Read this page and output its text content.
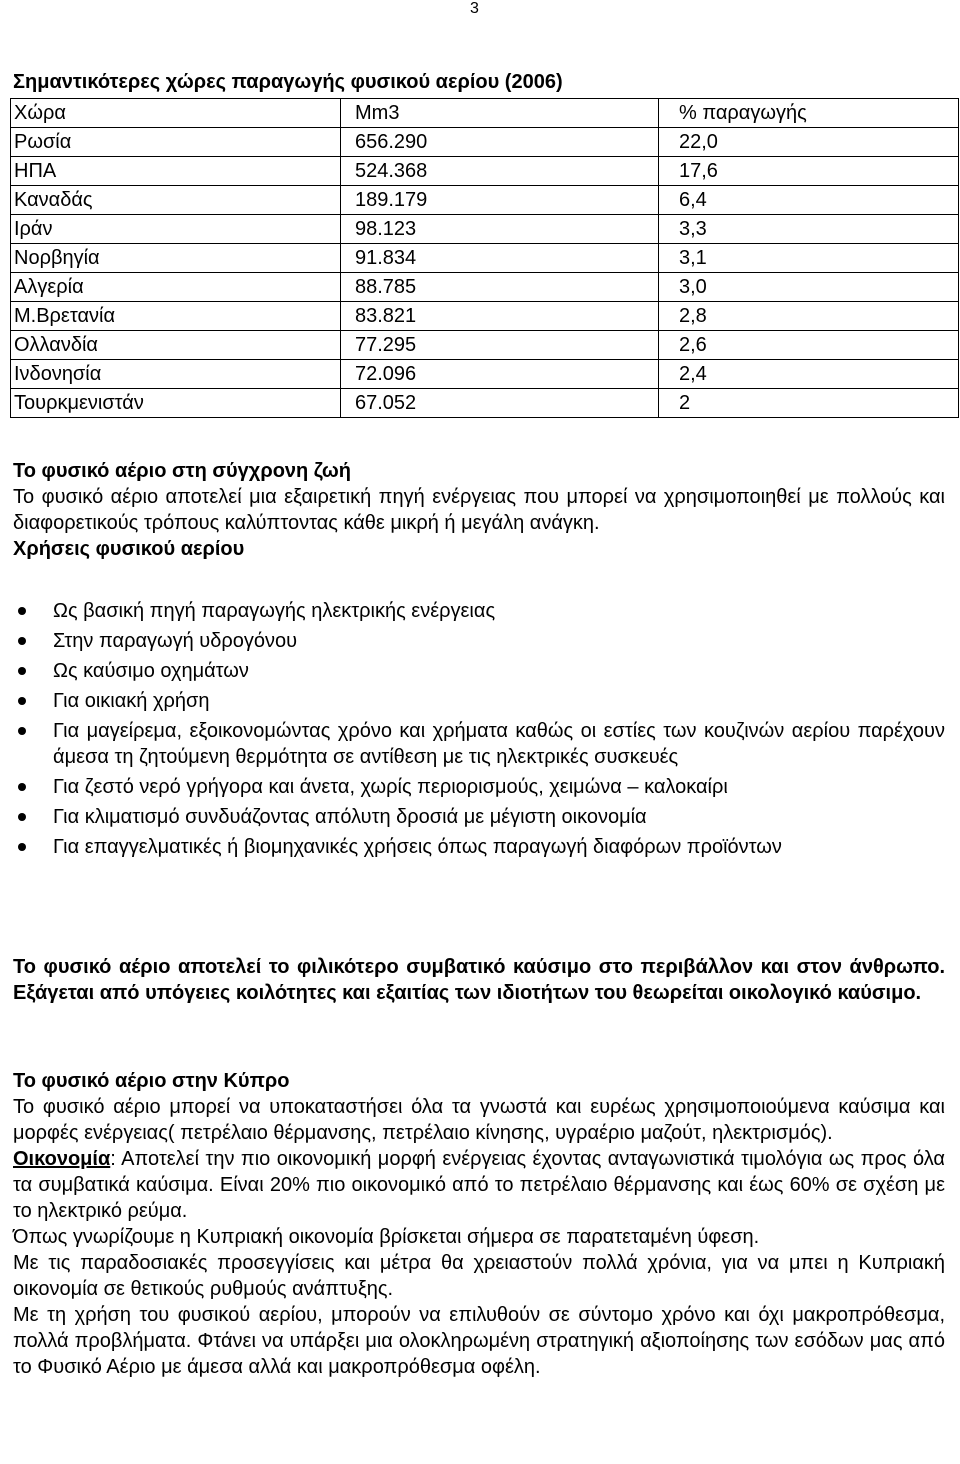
3
Σημαντικότερες χώρες παραγωγής φυσικού αερίου (2006)
Χώρα	Mm3	% παραγωγής
Ρωσία	656.290	22,0
ΗΠΑ	524.368	17,6
Καναδάς	189.179	6,4
Ιράν	98.123	3,3
Νορβηγία	91.834	3,1
Αλγερία	88.785	3,0
Μ.Βρετανία	83.821	2,8
Ολλανδία	77.295	2,6
Ινδονησία	72.096	2,4
Τουρκμενιστάν	67.052	2
Το φυσικό αέριο στη σύγχρονη ζωή
Το φυσικό αέριο αποτελεί μια εξαιρετική πηγή ενέργειας που μπορεί να χρησιμοποιηθεί με πολλούς και διαφορετικούς τρόπους καλύπτοντας κάθε μικρή ή μεγάλη ανάγκη.
Χρήσεις φυσικού αερίου
Ως βασική πηγή παραγωγής ηλεκτρικής ενέργειας
Στην παραγωγή υδρογόνου
Ως καύσιμο οχημάτων
Για οικιακή χρήση
Για μαγείρεμα, εξοικονομώντας χρόνο και χρήματα καθώς οι εστίες των κουζινών αερίου παρέχουν άμεσα τη ζητούμενη θερμότητα σε αντίθεση με τις ηλεκτρικές συσκευές
Για ζεστό νερό γρήγορα και άνετα, χωρίς περιορισμούς, χειμώνα – καλοκαίρι
Για κλιματισμό συνδυάζοντας απόλυτη δροσιά με μέγιστη οικονομία
Για επαγγελματικές ή βιομηχανικές χρήσεις όπως παραγωγή διαφόρων προϊόντων
Το φυσικό αέριο αποτελεί το φιλικότερο συμβατικό καύσιμο στο περιβάλλον και στον άνθρωπο. Εξάγεται από υπόγειες κοιλότητες και εξαιτίας των ιδιοτήτων του θεωρείται οικολογικό καύσιμο.
Το φυσικό αέριο στην Κύπρο
Το φυσικό αέριο μπορεί να υποκαταστήσει όλα τα γνωστά και ευρέως χρησιμοποιούμενα καύσιμα και μορφές ενέργειας( πετρέλαιο θέρμανσης, πετρέλαιο κίνησης, υγραέριο μαζούτ, ηλεκτρισμός).
Οικονομία: Αποτελεί την πιο οικονομική μορφή ενέργειας έχοντας ανταγωνιστικά τιμολόγια ως προς όλα τα συμβατικά καύσιμα. Είναι 20% πιο οικονομικό από το πετρέλαιο θέρμανσης και έως 60% σε σχέση με το ηλεκτρικό ρεύμα.
Όπως γνωρίζουμε η Κυπριακή οικονομία βρίσκεται σήμερα σε παρατεταμένη ύφεση.
Με τις παραδοσιακές προσεγγίσεις και μέτρα θα χρειαστούν πολλά χρόνια, για να μπει η Κυπριακή οικονομία σε θετικούς ρυθμούς ανάπτυξης.
Με τη χρήση του φυσικού αερίου, μπορούν να επιλυθούν σε σύντομο χρόνο και όχι μακροπρόθεσμα, πολλά προβλήματα. Φτάνει να υπάρξει μια ολοκληρωμένη στρατηγική αξιοποίησης των εσόδων μας από το Φυσικό Αέριο με άμεσα αλλά και μακροπρόθεσμα οφέλη.
